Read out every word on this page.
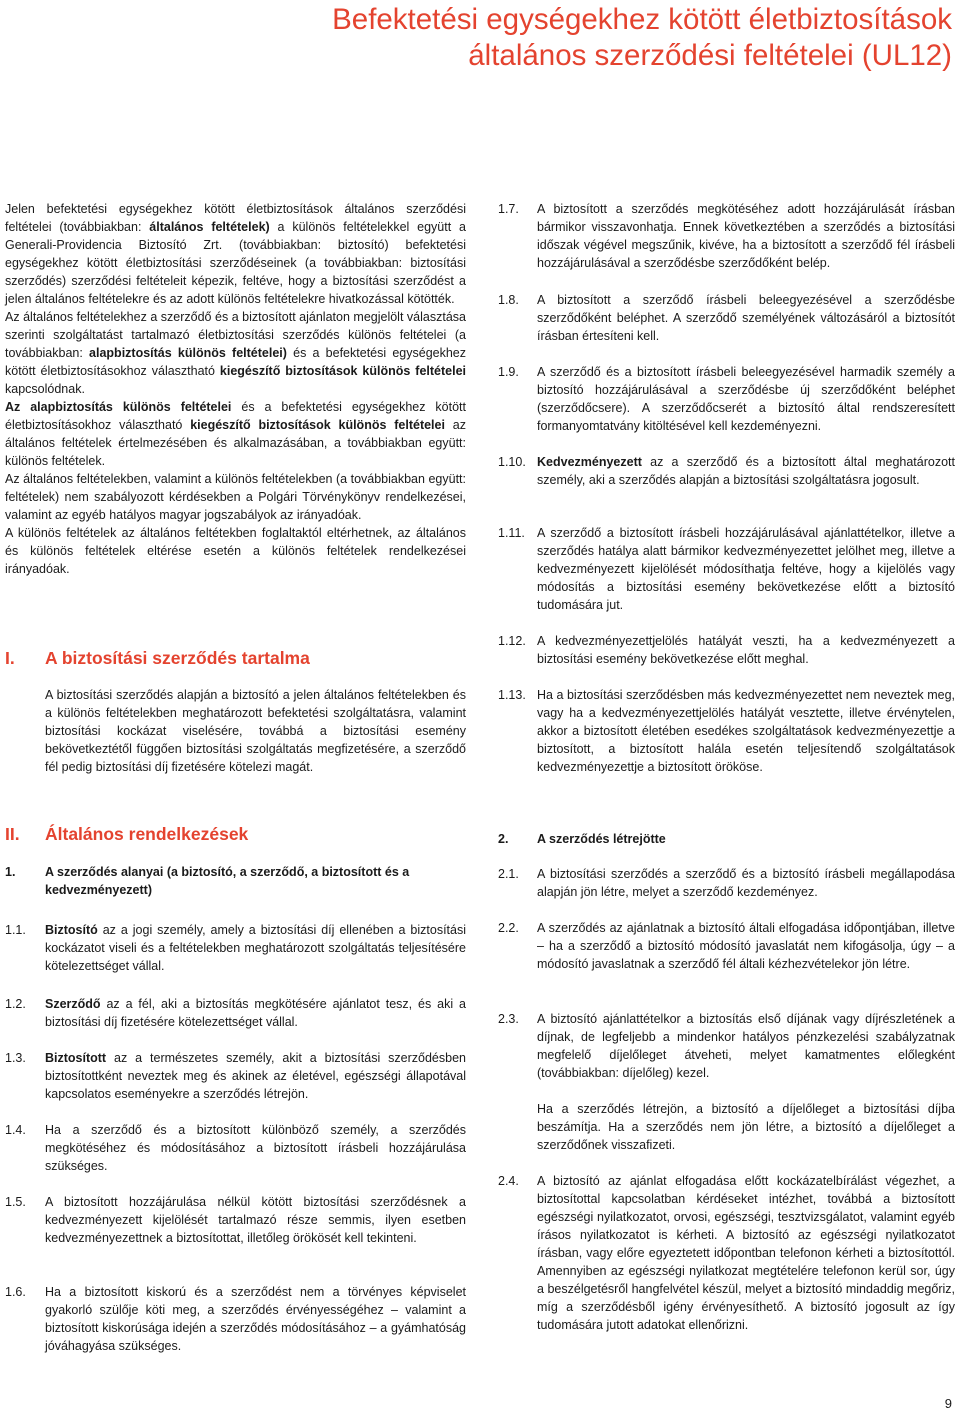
Befektetési egységekhez kötött életbiztosítások
általános szerződési feltételei (UL12)

Jelen befektetési egységekhez kötött életbiztosítások általános szerződési feltételei (továbbiakban: általános feltételek) a különös feltételekkel együtt a Generali-Providencia Biztosító Zrt. (továbbiakban: biztosító) befektetési egységekhez kötött életbiztosítási szerződéseinek (a továbbiakban: biztosítási szerződés) szerződési feltételeit képezik, feltéve, hogy a biztosítási szerződést a jelen általános feltételekre és az adott különös feltételekre hivatkozással kötötték.

Az általános feltételekhez a szerződő és a biztosított ajánlaton megjelölt választása szerinti szolgáltatást tartalmazó életbiztosítási szerződés különös feltételei (a továbbiakban: alapbiztosítás különös feltételei) és a befektetési egységekhez kötött életbiztosításokhoz választható kiegészítő biztosítások különös feltételei kapcsolódnak.

Az alapbiztosítás különös feltételei és a befektetési egységekhez kötött életbiztosításokhoz választható kiegészítő biztosítások különös feltételei az általános feltételek értelmezésében és alkalmazásában, a továbbiakban együtt: különös feltételek.

Az általános feltételekben, valamint a különös feltételekben (a továbbiakban együtt: feltételek) nem szabályozott kérdésekben a Polgári Törvénykönyv rendelkezései, valamint az egyéb hatályos magyar jogszabályok az irányadóak.

A különös feltételek az általános feltétekben foglaltaktól eltérhetnek, az általános és különös feltételek eltérése esetén a különös feltételek rendelkezései irányadóak.

I. A biztosítási szerződés tartalma

A biztosítási szerződés alapján a biztosító a jelen általános feltételekben és a különös feltételekben meghatározott befektetési szolgáltatásra, valamint biztosítási kockázat viselésére, továbbá a biztosítási esemény bekövetkeztétől függően biztosítási szolgáltatás megfizetésére, a szerződő fél pedig biztosítási díj fizetésére kötelezi magát.

II. Általános rendelkezések
1. A szerződés alanyai (a biztosító, a szerződő, a biztosított és a kedvezményezett)
1.1. Biztosító az a jogi személy, amely a biztosítási díj ellenében a biztosítási kockázatot viseli és a feltételekben meghatározott szolgáltatás teljesítésére kötelezettséget vállal.
1.2. Szerződő az a fél, aki a biztosítás megkötésére ajánlatot tesz, és aki a biztosítási díj fizetésére kötelezettséget vállal.
1.3. Biztosított az a természetes személy, akit a biztosítási szerződésben biztosítottként neveztek meg és akinek az életével, egészségi állapotával kapcsolatos eseményekre a szerződés létrejön.
1.4. Ha a szerződő és a biztosított különböző személy, a szerződés megkötéséhez és módosításához a biztosított írásbeli hozzájárulása szükséges.
1.5. A biztosított hozzájárulása nélkül kötött biztosítási szerződésnek a kedvezményezett kijelölését tartalmazó része semmis, ilyen esetben kedvezményezettnek a biztosítottat, illetőleg örökösét kell tekinteni.
1.6. Ha a biztosított kiskorú és a szerződést nem a törvényes képviselet gyakorló szülője köti meg, a szerződés érvényességéhez – valamint a biztosított kiskorúsága idején a szerződés módosításához – a gyámhatóság jóváhagyása szükséges.
1.7. A biztosított a szerződés megkötéséhez adott hozzájárulását írásban bármikor visszavonhatja. Ennek következtében a szerződés a biztosítási időszak végével megszűnik, kivéve, ha a biztosított a szerződő fél írásbeli hozzájárulásával a szerződésbe szerződőként belép.
1.8. A biztosított a szerződő írásbeli beleegyezésével a szerződésbe szerződőként beléphet. A szerződő személyének változásáról a biztosítót írásban értesíteni kell.
1.9. A szerződő és a biztosított írásbeli beleegyezésével harmadik személy a biztosító hozzájárulásával a szerződésbe új szerződőként beléphet (szerződőcsere). A szerződőcserét a biztosító által rendszeresített formanyomtatvány kitöltésével kell kezdeményezni.
1.10. Kedvezményezett az a szerződő és a biztosított által meghatározott személy, aki a szerződés alapján a biztosítási szolgáltatásra jogosult.
1.11. A szerződő a biztosított írásbeli hozzájárulásával ajánlattételkor, illetve a szerződés hatálya alatt bármikor kedvezményezettet jelölhet meg, illetve a kedvezményezett kijelölését módosíthatja feltéve, hogy a kijelölés vagy módosítás a biztosítási esemény bekövetkezése előtt a biztosító tudomására jut.
1.12. A kedvezményezettjelölés hatályát veszti, ha a kedvezményezett a biztosítási esemény bekövetkezése előtt meghal.
1.13. Ha a biztosítási szerződésben más kedvezményezettet nem neveztek meg, vagy ha a kedvezményezettjelölés hatályát vesztette, illetve érvénytelen, akkor a biztosított életében esedékes szolgáltatások kedvezményezettje a biztosított, a biztosított halála esetén teljesítendő szolgáltatások kedvezményezettje a biztosított örököse.
2. A szerződés létrejötte
2.1. A biztosítási szerződés a szerződő és a biztosító írásbeli megállapodása alapján jön létre, melyet a szerződő kezdeményez.
2.2. A szerződés az ajánlatnak a biztosító általi elfogadása időpontjában, illetve – ha a szerződő a biztosító módosító javaslatát nem kifogásolja, úgy – a módosító javaslatnak a szerződő fél általi kézhezvételekor jön létre.
2.3. A biztosító ajánlattételkor a biztosítás első díjának vagy díjrészletének a díjnak, de legfeljebb a mindenkor hatályos pénzkezelési szabályzatnak megfelelő díjelőleget átveheti, melyet kamatmentes előlegként (továbbiakban: díjelőleg) kezel.
Ha a szerződés létrejön, a biztosító a díjelőleget a biztosítási díjba beszámítja. Ha a szerződés nem jön létre, a biztosító a díjelőleget a szerződőnek visszafizeti.
2.4. A biztosító az ajánlat elfogadása előtt kockázatelbírálást végezhet, a biztosítottal kapcsolatban kérdéseket intézhet, továbbá a biztosított egészségi nyilatkozatot, orvosi, egészségi, tesztvizsgálatot, valamint egyéb írásos nyilatkozatot is kérheti. A biztosító az egészségi nyilatkozatot írásban, vagy előre egyeztetett időpontban telefonon kérheti a biztosítottól. Amennyiben az egészségi nyilatkozat megtételére telefonon kerül sor, úgy a beszélgetésről hangfelvétel készül, melyet a biztosító mindaddig megőriz, míg a szerződésből igény érvényesíthető. A biztosító jogosult az így tudomására jutott adatokat ellenőrizni.
9
